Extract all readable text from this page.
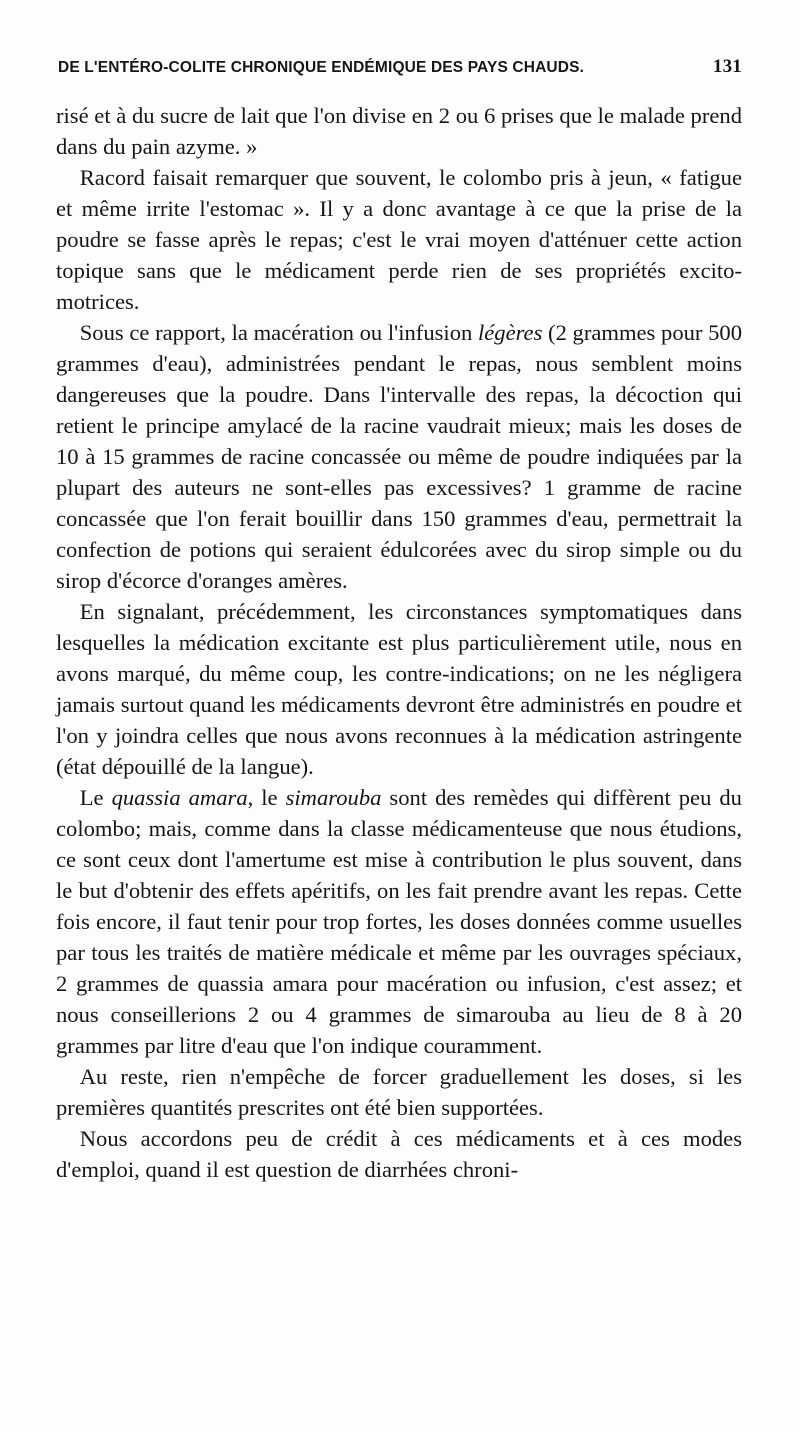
DE L'ENTÉRO-COLITE CHRONIQUE ENDÉMIQUE DES PAYS CHAUDS.	131

risé et à du sucre de lait que l'on divise en 2 ou 6 prises que le malade prend dans du pain azyme. »

Racord faisait remarquer que souvent, le colombo pris à jeun, « fatigue et même irrite l'estomac ». Il y a donc avantage à ce que la prise de la poudre se fasse après le repas; c'est le vrai moyen d'atténuer cette action topique sans que le médicament perde rien de ses propriétés excito-motrices.

Sous ce rapport, la macération ou l'infusion légères (2 grammes pour 500 grammes d'eau), administrées pendant le repas, nous semblent moins dangereuses que la poudre. Dans l'intervalle des repas, la décoction qui retient le principe amylacé de la racine vaudrait mieux; mais les doses de 10 à 15 grammes de racine concassée ou même de poudre indiquées par la plupart des auteurs ne sont-elles pas excessives? 1 gramme de racine concassée que l'on ferait bouillir dans 150 grammes d'eau, permettrait la confection de potions qui seraient édulcorées avec du sirop simple ou du sirop d'écorce d'oranges amères.

En signalant, précédemment, les circonstances symptomatiques dans lesquelles la médication excitante est plus particulièrement utile, nous en avons marqué, du même coup, les contre-indications; on ne les négligera jamais surtout quand les médicaments devront être administrés en poudre et l'on y joindra celles que nous avons reconnues à la médication astringente (état dépouillé de la langue).

Le quassia amara, le simarouba sont des remèdes qui diffèrent peu du colombo; mais, comme dans la classe médicamenteuse que nous étudions, ce sont ceux dont l'amertume est mise à contribution le plus souvent, dans le but d'obtenir des effets apéritifs, on les fait prendre avant les repas. Cette fois encore, il faut tenir pour trop fortes, les doses données comme usuelles par tous les traités de matière médicale et même par les ouvrages spéciaux, 2 grammes de quassia amara pour macération ou infusion, c'est assez; et nous conseillerions 2 ou 4 grammes de simarouba au lieu de 8 à 20 grammes par litre d'eau que l'on indique couramment.

Au reste, rien n'empêche de forcer graduellement les doses, si les premières quantités prescrites ont été bien supportées.

Nous accordons peu de crédit à ces médicaments et à ces modes d'emploi, quand il est question de diarrhées chroni-
